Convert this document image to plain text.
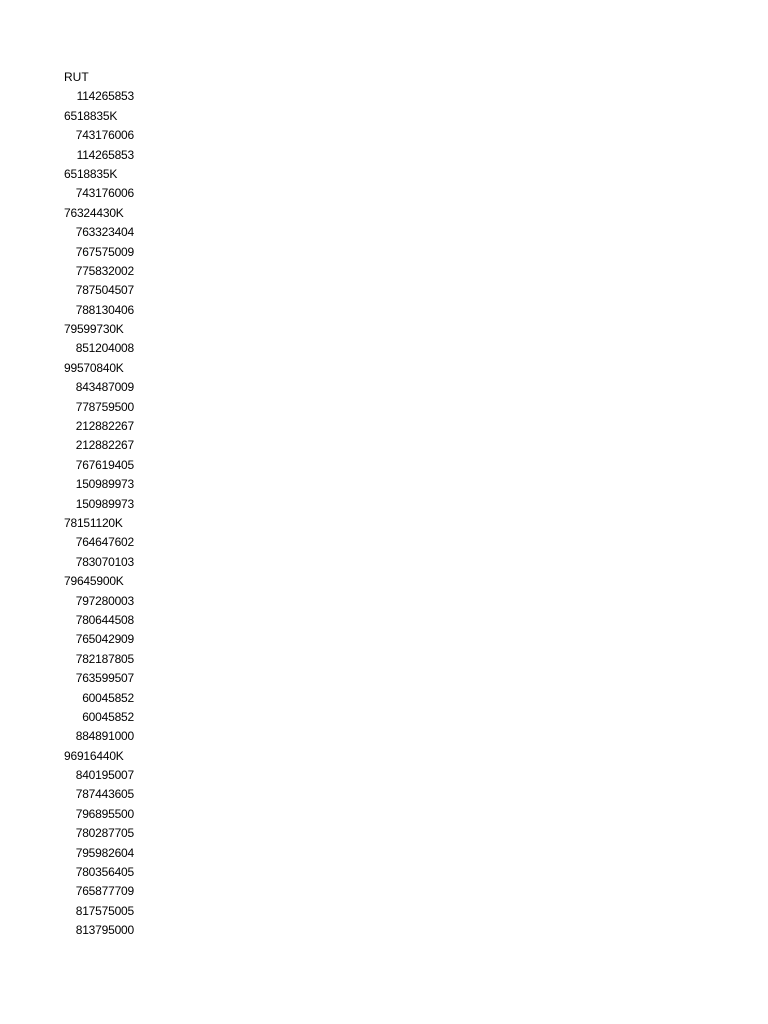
RUT
114265853
6518835K
743176006
114265853
6518835K
743176006
76324430K
763323404
767575009
775832002
787504507
788130406
79599730K
851204008
99570840K
843487009
778759500
212882267
212882267
767619405
150989973
150989973
78151120K
764647602
783070103
79645900K
797280003
780644508
765042909
782187805
763599507
60045852
60045852
884891000
96916440K
840195007
787443605
796895500
780287705
795982604
780356405
765877709
817575005
813795000
